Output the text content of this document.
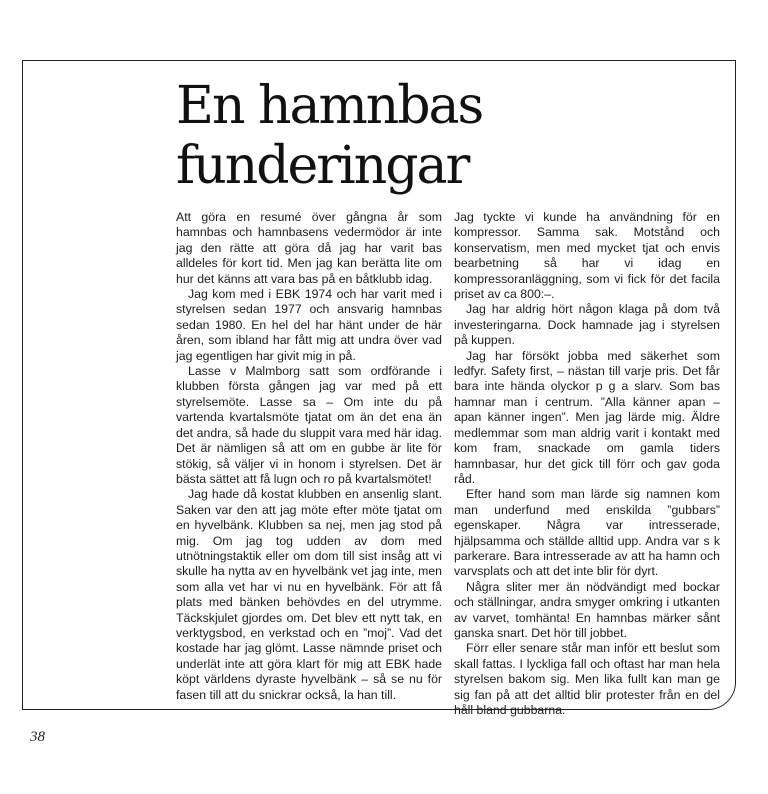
En hamnbas
funderingar

Att göra en resumé över gångna år som hamnbas och hamnbasens vedermödor är inte jag den rätte att göra då jag har varit bas alldeles för kort tid. Men jag kan berätta lite om hur det känns att vara bas på en båtklubb idag.

Jag kom med i EBK 1974 och har varit med i styrelsen sedan 1977 och ansvarig hamnbas sedan 1980. En hel del har hänt under de här åren, som ibland har fått mig att undra över vad jag egentligen har givit mig in på.

Lasse v Malmborg satt som ordförande i klubben första gången jag var med på ett styrelsemöte. Lasse sa – Om inte du på vartenda kvartalsmöte tjatat om än det ena än det andra, så hade du sluppit vara med här idag. Det är nämligen så att om en gubbe är lite för stökig, så väljer vi in honom i styrelsen. Det är bästa sättet att få lugn och ro på kvartalsmötet!

Jag hade då kostat klubben en ansenlig slant. Saken var den att jag möte efter möte tjatat om en hyvelbänk. Klubben sa nej, men jag stod på mig. Om jag tog udden av dom med utnötningstaktik eller om dom till sist insåg att vi skulle ha nytta av en hyvelbänk vet jag inte, men som alla vet har vi nu en hyvelbänk. För att få plats med bänken behövdes en del utrymme. Täckskjulet gjordes om. Det blev ett nytt tak, en verktygsbod, en verkstad och en ”moj”. Vad det kostade har jag glömt. Lasse nämnde priset och underlät inte att göra klart för mig att EBK hade köpt världens dyraste hyvelbänk – så se nu för fasen till att du snickrar också, la han till.

Jag tyckte vi kunde ha användning för en kompressor. Samma sak. Motstånd och konservatism, men med mycket tjat och envis bearbetning så har vi idag en kompressoranläggning, som vi fick för det facila priset av ca 800:–.

Jag har aldrig hört någon klaga på dom två investeringarna. Dock hamnade jag i styrelsen på kuppen.

Jag har försökt jobba med säkerhet som ledfyr. Safety first, – nästan till varje pris. Det får bara inte hända olyckor p g a slarv. Som bas hamnar man i centrum. ”Alla känner apan – apan känner ingen”. Men jag lärde mig. Äldre medlemmar som man aldrig varit i kontakt med kom fram, snackade om gamla tiders hamnbasar, hur det gick till förr och gav goda råd.

Efter hand som man lärde sig namnen kom man underfund med enskilda ”gubbars” egenskaper. Några var intresserade, hjälpsamma och ställde alltid upp. Andra var s k parkerare. Bara intresserade av att ha hamn och varvsplats och att det inte blir för dyrt.

Några sliter mer än nödvändigt med bockar och ställningar, andra smyger omkring i utkanten av varvet, tomhänta! En hamnbas märker sånt ganska snart. Det hör till jobbet.

Förr eller senare står man inför ett beslut som skall fattas. I lyckliga fall och oftast har man hela styrelsen bakom sig. Men lika fullt kan man ge sig fan på att det alltid blir protester från en del håll bland gubbarna.

38
